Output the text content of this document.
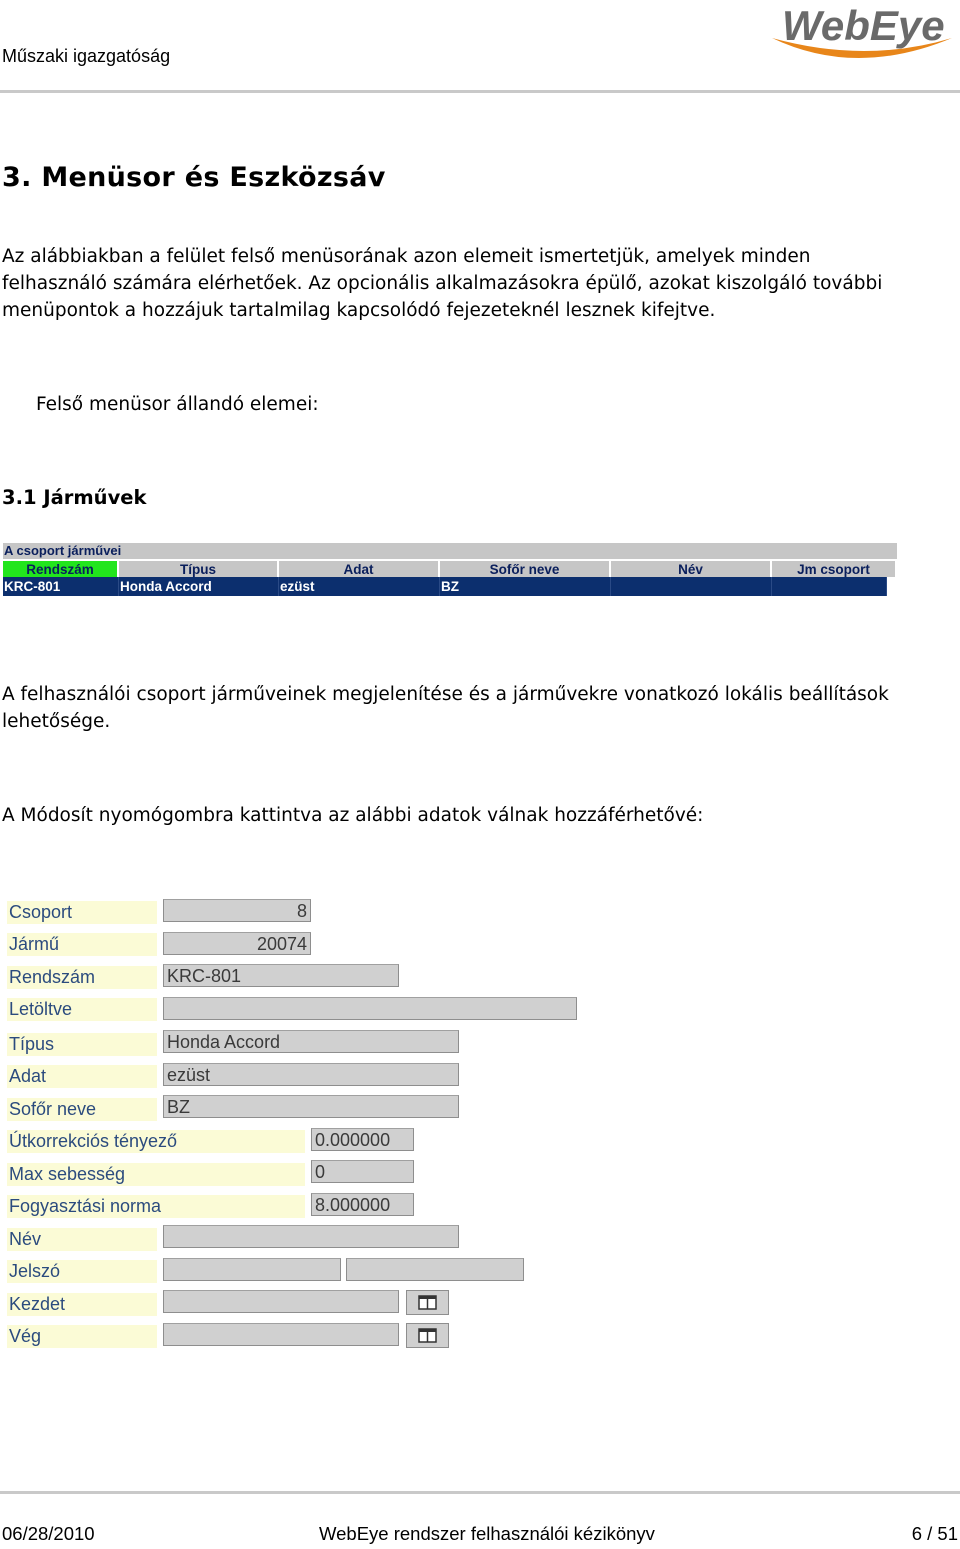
Műszaki igazgatóság
WebEye
3. Menüsor és Eszközsáv
Az alábbiakban a felület felső menüsorának azon elemeit ismertetjük, amelyek minden
felhasználó számára elérhetőek. Az opcionális alkalmazásokra épülő, azokat kiszolgáló további
menüpontok a hozzájuk tartalmilag kapcsolódó fejezeteknél lesznek kifejtve.
Felső menüsor állandó elemei:
3.1 Járművek
A csoport járművei
Rendszám	Típus	Adat	Sofőr neve	Név	Jm csoport
KRC-801	Honda Accord	ezüst	BZ
A felhasználói csoport járműveinek megjelenítése és a járművekre vonatkozó lokális beállítások
lehetősége.
A Módosít nyomógombra kattintva az alábbi adatok válnak hozzáférhetővé:
Csoport	8
Jármű	20074
Rendszám	KRC-801
Letöltve
Típus	Honda Accord
Adat	ezüst
Sofőr neve	BZ
Útkorrekciós tényező	0.000000
Max sebesség	0
Fogyasztási norma	8.000000
Név
Jelszó
Kezdet
Vég
06/28/2010	WebEye rendszer felhasználói kézikönyv	6 / 51
